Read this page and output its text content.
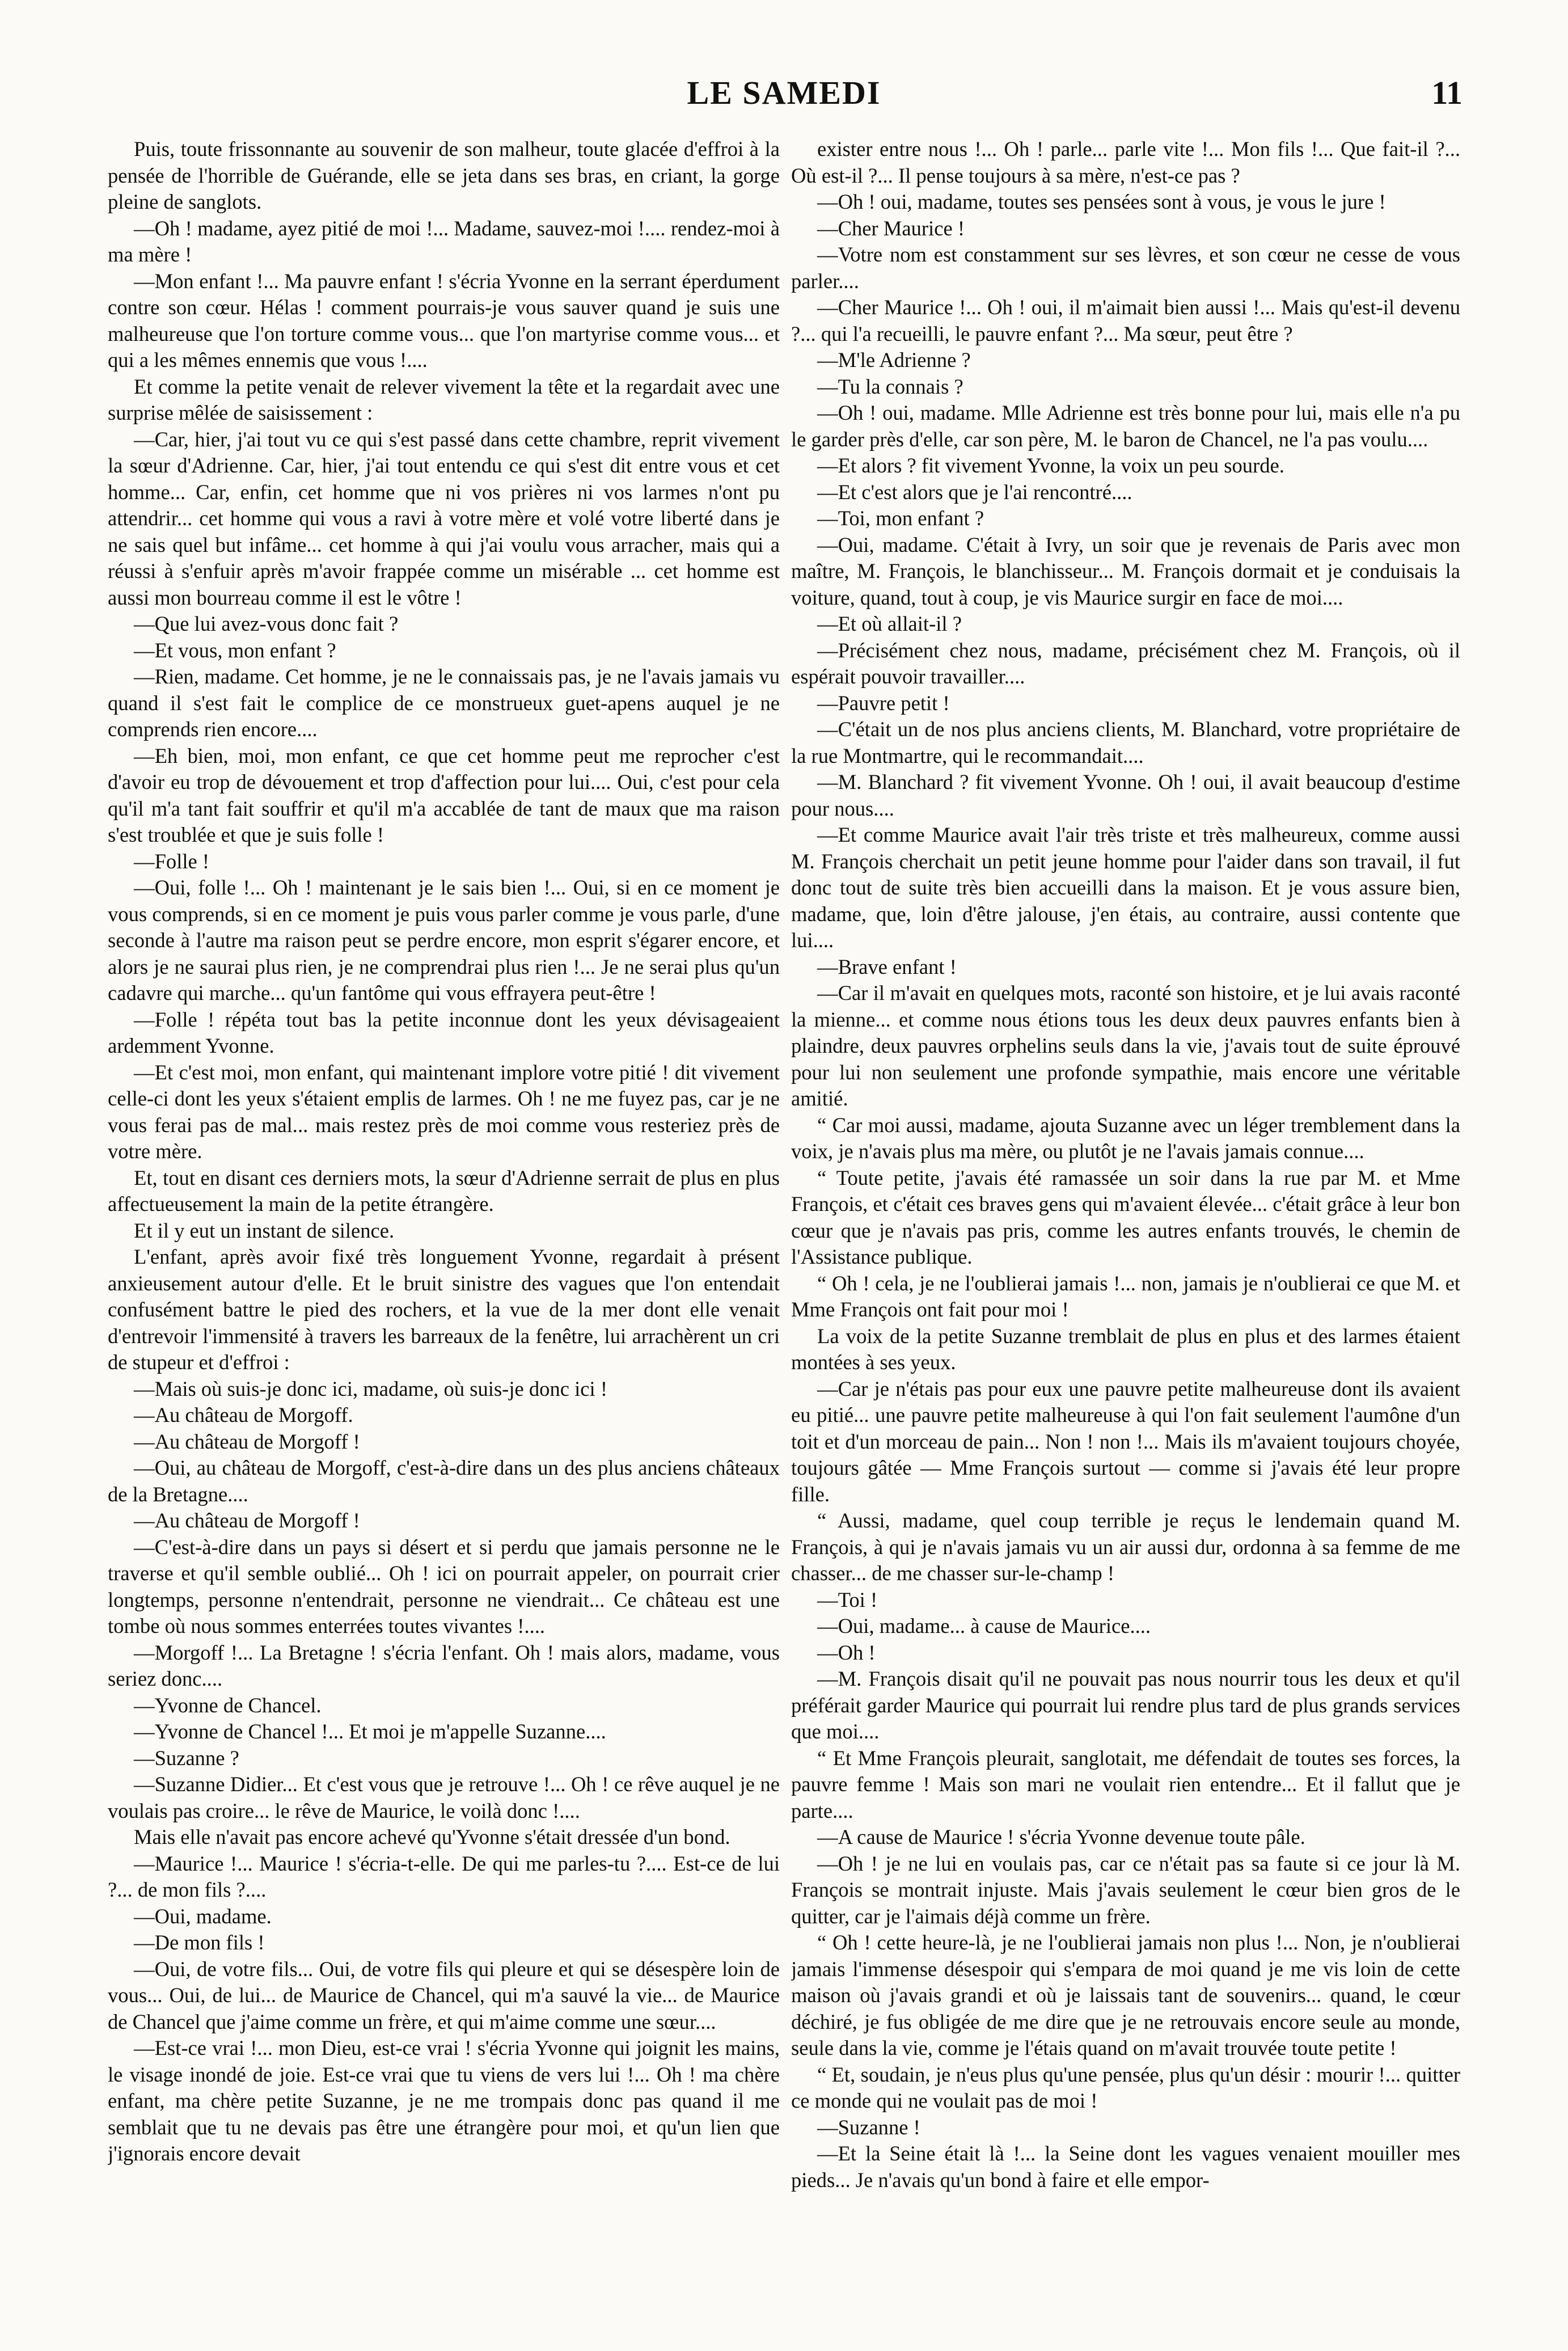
LE SAMEDI	11

Puis, toute frissonnante au souvenir de son malheur, toute glacée d'effroi à la pensée de l'horrible de Guérande, elle se jeta dans ses bras, en criant, la gorge pleine de sanglots.

—Oh ! madame, ayez pitié de moi !... Madame, sauvez-moi !.... rendez-moi à ma mère !

—Mon enfant !... Ma pauvre enfant ! s'écria Yvonne en la serrant éperdument contre son cœur. Hélas ! comment pourrais-je vous sauver quand je suis une malheureuse que l'on torture comme vous... que l'on martyrise comme vous... et qui a les mêmes ennemis que vous !....

Et comme la petite venait de relever vivement la tête et la regardait avec une surprise mêlée de saisissement :

—Car, hier, j'ai tout vu ce qui s'est passé dans cette chambre, reprit vivement la sœur d'Adrienne. Car, hier, j'ai tout entendu ce qui s'est dit entre vous et cet homme... Car, enfin, cet homme que ni vos prières ni vos larmes n'ont pu attendrir... cet homme qui vous a ravi à votre mère et volé votre liberté dans je ne sais quel but infâme... cet homme à qui j'ai voulu vous arracher, mais qui a réussi à s'enfuir après m'avoir frappée comme un misérable ... cet homme est aussi mon bourreau comme il est le vôtre !

—Que lui avez-vous donc fait ?

—Et vous, mon enfant ?

—Rien, madame. Cet homme, je ne le connaissais pas, je ne l'avais jamais vu quand il s'est fait le complice de ce monstrueux guet-apens auquel je ne comprends rien encore....

—Eh bien, moi, mon enfant, ce que cet homme peut me reprocher c'est d'avoir eu trop de dévouement et trop d'affection pour lui.... Oui, c'est pour cela qu'il m'a tant fait souffrir et qu'il m'a accablée de tant de maux que ma raison s'est troublée et que je suis folle !

—Folle !

—Oui, folle !... Oh ! maintenant je le sais bien !... Oui, si en ce moment je vous comprends, si en ce moment je puis vous parler comme je vous parle, d'une seconde à l'autre ma raison peut se perdre encore, mon esprit s'égarer encore, et alors je ne saurai plus rien, je ne comprendrai plus rien !... Je ne serai plus qu'un cadavre qui marche... qu'un fantôme qui vous effrayera peut-être !

—Folle ! répéta tout bas la petite inconnue dont les yeux dévisageaient ardemment Yvonne.

—Et c'est moi, mon enfant, qui maintenant implore votre pitié ! dit vivement celle-ci dont les yeux s'étaient emplis de larmes. Oh ! ne me fuyez pas, car je ne vous ferai pas de mal... mais restez près de moi comme vous resteriez près de votre mère.

Et, tout en disant ces derniers mots, la sœur d'Adrienne serrait de plus en plus affectueusement la main de la petite étrangère.

Et il y eut un instant de silence.

L'enfant, après avoir fixé très longuement Yvonne, regardait à présent anxieusement autour d'elle. Et le bruit sinistre des vagues que l'on entendait confusément battre le pied des rochers, et la vue de la mer dont elle venait d'entrevoir l'immensité à travers les barreaux de la fenêtre, lui arrachèrent un cri de stupeur et d'effroi :

—Mais où suis-je donc ici, madame, où suis-je donc ici !

—Au château de Morgoff.

—Au château de Morgoff !

—Oui, au château de Morgoff, c'est-à-dire dans un des plus anciens châteaux de la Bretagne....

—Au château de Morgoff !

—C'est-à-dire dans un pays si désert et si perdu que jamais personne ne le traverse et qu'il semble oublié... Oh ! ici on pourrait appeler, on pourrait crier longtemps, personne n'entendrait, personne ne viendrait... Ce château est une tombe où nous sommes enterrées toutes vivantes !....

—Morgoff !... La Bretagne ! s'écria l'enfant. Oh ! mais alors, madame, vous seriez donc....

—Yvonne de Chancel.

—Yvonne de Chancel !... Et moi je m'appelle Suzanne....

—Suzanne ?

—Suzanne Didier... Et c'est vous que je retrouve !... Oh ! ce rêve auquel je ne voulais pas croire... le rêve de Maurice, le voilà donc !....

Mais elle n'avait pas encore achevé qu'Yvonne s'était dressée d'un bond.

—Maurice !... Maurice ! s'écria-t-elle. De qui me parles-tu ?.... Est-ce de lui ?... de mon fils ?....

—Oui, madame.

—De mon fils !

—Oui, de votre fils... Oui, de votre fils qui pleure et qui se désespère loin de vous... Oui, de lui... de Maurice de Chancel, qui m'a sauvé la vie... de Maurice de Chancel que j'aime comme un frère, et qui m'aime comme une sœur....

—Est-ce vrai !... mon Dieu, est-ce vrai ! s'écria Yvonne qui joignit les mains, le visage inondé de joie. Est-ce vrai que tu viens de vers lui !... Oh ! ma chère enfant, ma chère petite Suzanne, je ne me trompais donc pas quand il me semblait que tu ne devais pas être une étrangère pour moi, et qu'un lien que j'ignorais encore devait

exister entre nous !... Oh ! parle... parle vite !... Mon fils !... Que fait-il ?... Où est-il ?... Il pense toujours à sa mère, n'est-ce pas ?

—Oh ! oui, madame, toutes ses pensées sont à vous, je vous le jure !

—Cher Maurice !

—Votre nom est constamment sur ses lèvres, et son cœur ne cesse de vous parler....

—Cher Maurice !... Oh ! oui, il m'aimait bien aussi !... Mais qu'est-il devenu ?... qui l'a recueilli, le pauvre enfant ?... Ma sœur, peut être ?

—M'le Adrienne ?

—Tu la connais ?

—Oh ! oui, madame. Mlle Adrienne est très bonne pour lui, mais elle n'a pu le garder près d'elle, car son père, M. le baron de Chancel, ne l'a pas voulu....

—Et alors ? fit vivement Yvonne, la voix un peu sourde.

—Et c'est alors que je l'ai rencontré....

—Toi, mon enfant ?

—Oui, madame. C'était à Ivry, un soir que je revenais de Paris avec mon maître, M. François, le blanchisseur... M. François dormait et je conduisais la voiture, quand, tout à coup, je vis Maurice surgir en face de moi....

—Et où allait-il ?

—Précisément chez nous, madame, précisément chez M. François, où il espérait pouvoir travailler....

—Pauvre petit !

—C'était un de nos plus anciens clients, M. Blanchard, votre propriétaire de la rue Montmartre, qui le recommandait....

—M. Blanchard ? fit vivement Yvonne. Oh ! oui, il avait beaucoup d'estime pour nous....

—Et comme Maurice avait l'air très triste et très malheureux, comme aussi M. François cherchait un petit jeune homme pour l'aider dans son travail, il fut donc tout de suite très bien accueilli dans la maison. Et je vous assure bien, madame, que, loin d'être jalouse, j'en étais, au contraire, aussi contente que lui....

—Brave enfant !

—Car il m'avait en quelques mots, raconté son histoire, et je lui avais raconté la mienne... et comme nous étions tous les deux deux pauvres enfants bien à plaindre, deux pauvres orphelins seuls dans la vie, j'avais tout de suite éprouvé pour lui non seulement une profonde sympathie, mais encore une véritable amitié.

“ Car moi aussi, madame, ajouta Suzanne avec un léger tremblement dans la voix, je n'avais plus ma mère, ou plutôt je ne l'avais jamais connue....

“ Toute petite, j'avais été ramassée un soir dans la rue par M. et Mme François, et c'était ces braves gens qui m'avaient élevée... c'était grâce à leur bon cœur que je n'avais pas pris, comme les autres enfants trouvés, le chemin de l'Assistance publique.

“ Oh ! cela, je ne l'oublierai jamais !... non, jamais je n'oublierai ce que M. et Mme François ont fait pour moi !

La voix de la petite Suzanne tremblait de plus en plus et des larmes étaient montées à ses yeux.

—Car je n'étais pas pour eux une pauvre petite malheureuse dont ils avaient eu pitié... une pauvre petite malheureuse à qui l'on fait seulement l'aumône d'un toit et d'un morceau de pain... Non ! non !... Mais ils m'avaient toujours choyée, toujours gâtée — Mme François surtout — comme si j'avais été leur propre fille.

“ Aussi, madame, quel coup terrible je reçus le lendemain quand M. François, à qui je n'avais jamais vu un air aussi dur, ordonna à sa femme de me chasser... de me chasser sur-le-champ !

—Toi !

—Oui, madame... à cause de Maurice....

—Oh !

—M. François disait qu'il ne pouvait pas nous nourrir tous les deux et qu'il préférait garder Maurice qui pourrait lui rendre plus tard de plus grands services que moi....

“ Et Mme François pleurait, sanglotait, me défendait de toutes ses forces, la pauvre femme ! Mais son mari ne voulait rien entendre... Et il fallut que je parte....

—A cause de Maurice ! s'écria Yvonne devenue toute pâle.

—Oh ! je ne lui en voulais pas, car ce n'était pas sa faute si ce jour là M. François se montrait injuste. Mais j'avais seulement le cœur bien gros de le quitter, car je l'aimais déjà comme un frère.

“ Oh ! cette heure-là, je ne l'oublierai jamais non plus !... Non, je n'oublierai jamais l'immense désespoir qui s'empara de moi quand je me vis loin de cette maison où j'avais grandi et où je laissais tant de souvenirs... quand, le cœur déchiré, je fus obligée de me dire que je ne retrouvais encore seule au monde, seule dans la vie, comme je l'étais quand on m'avait trouvée toute petite !

“ Et, soudain, je n'eus plus qu'une pensée, plus qu'un désir : mourir !... quitter ce monde qui ne voulait pas de moi !

—Suzanne !

—Et la Seine était là !... la Seine dont les vagues venaient mouiller mes pieds... Je n'avais qu'un bond à faire et elle empor-
